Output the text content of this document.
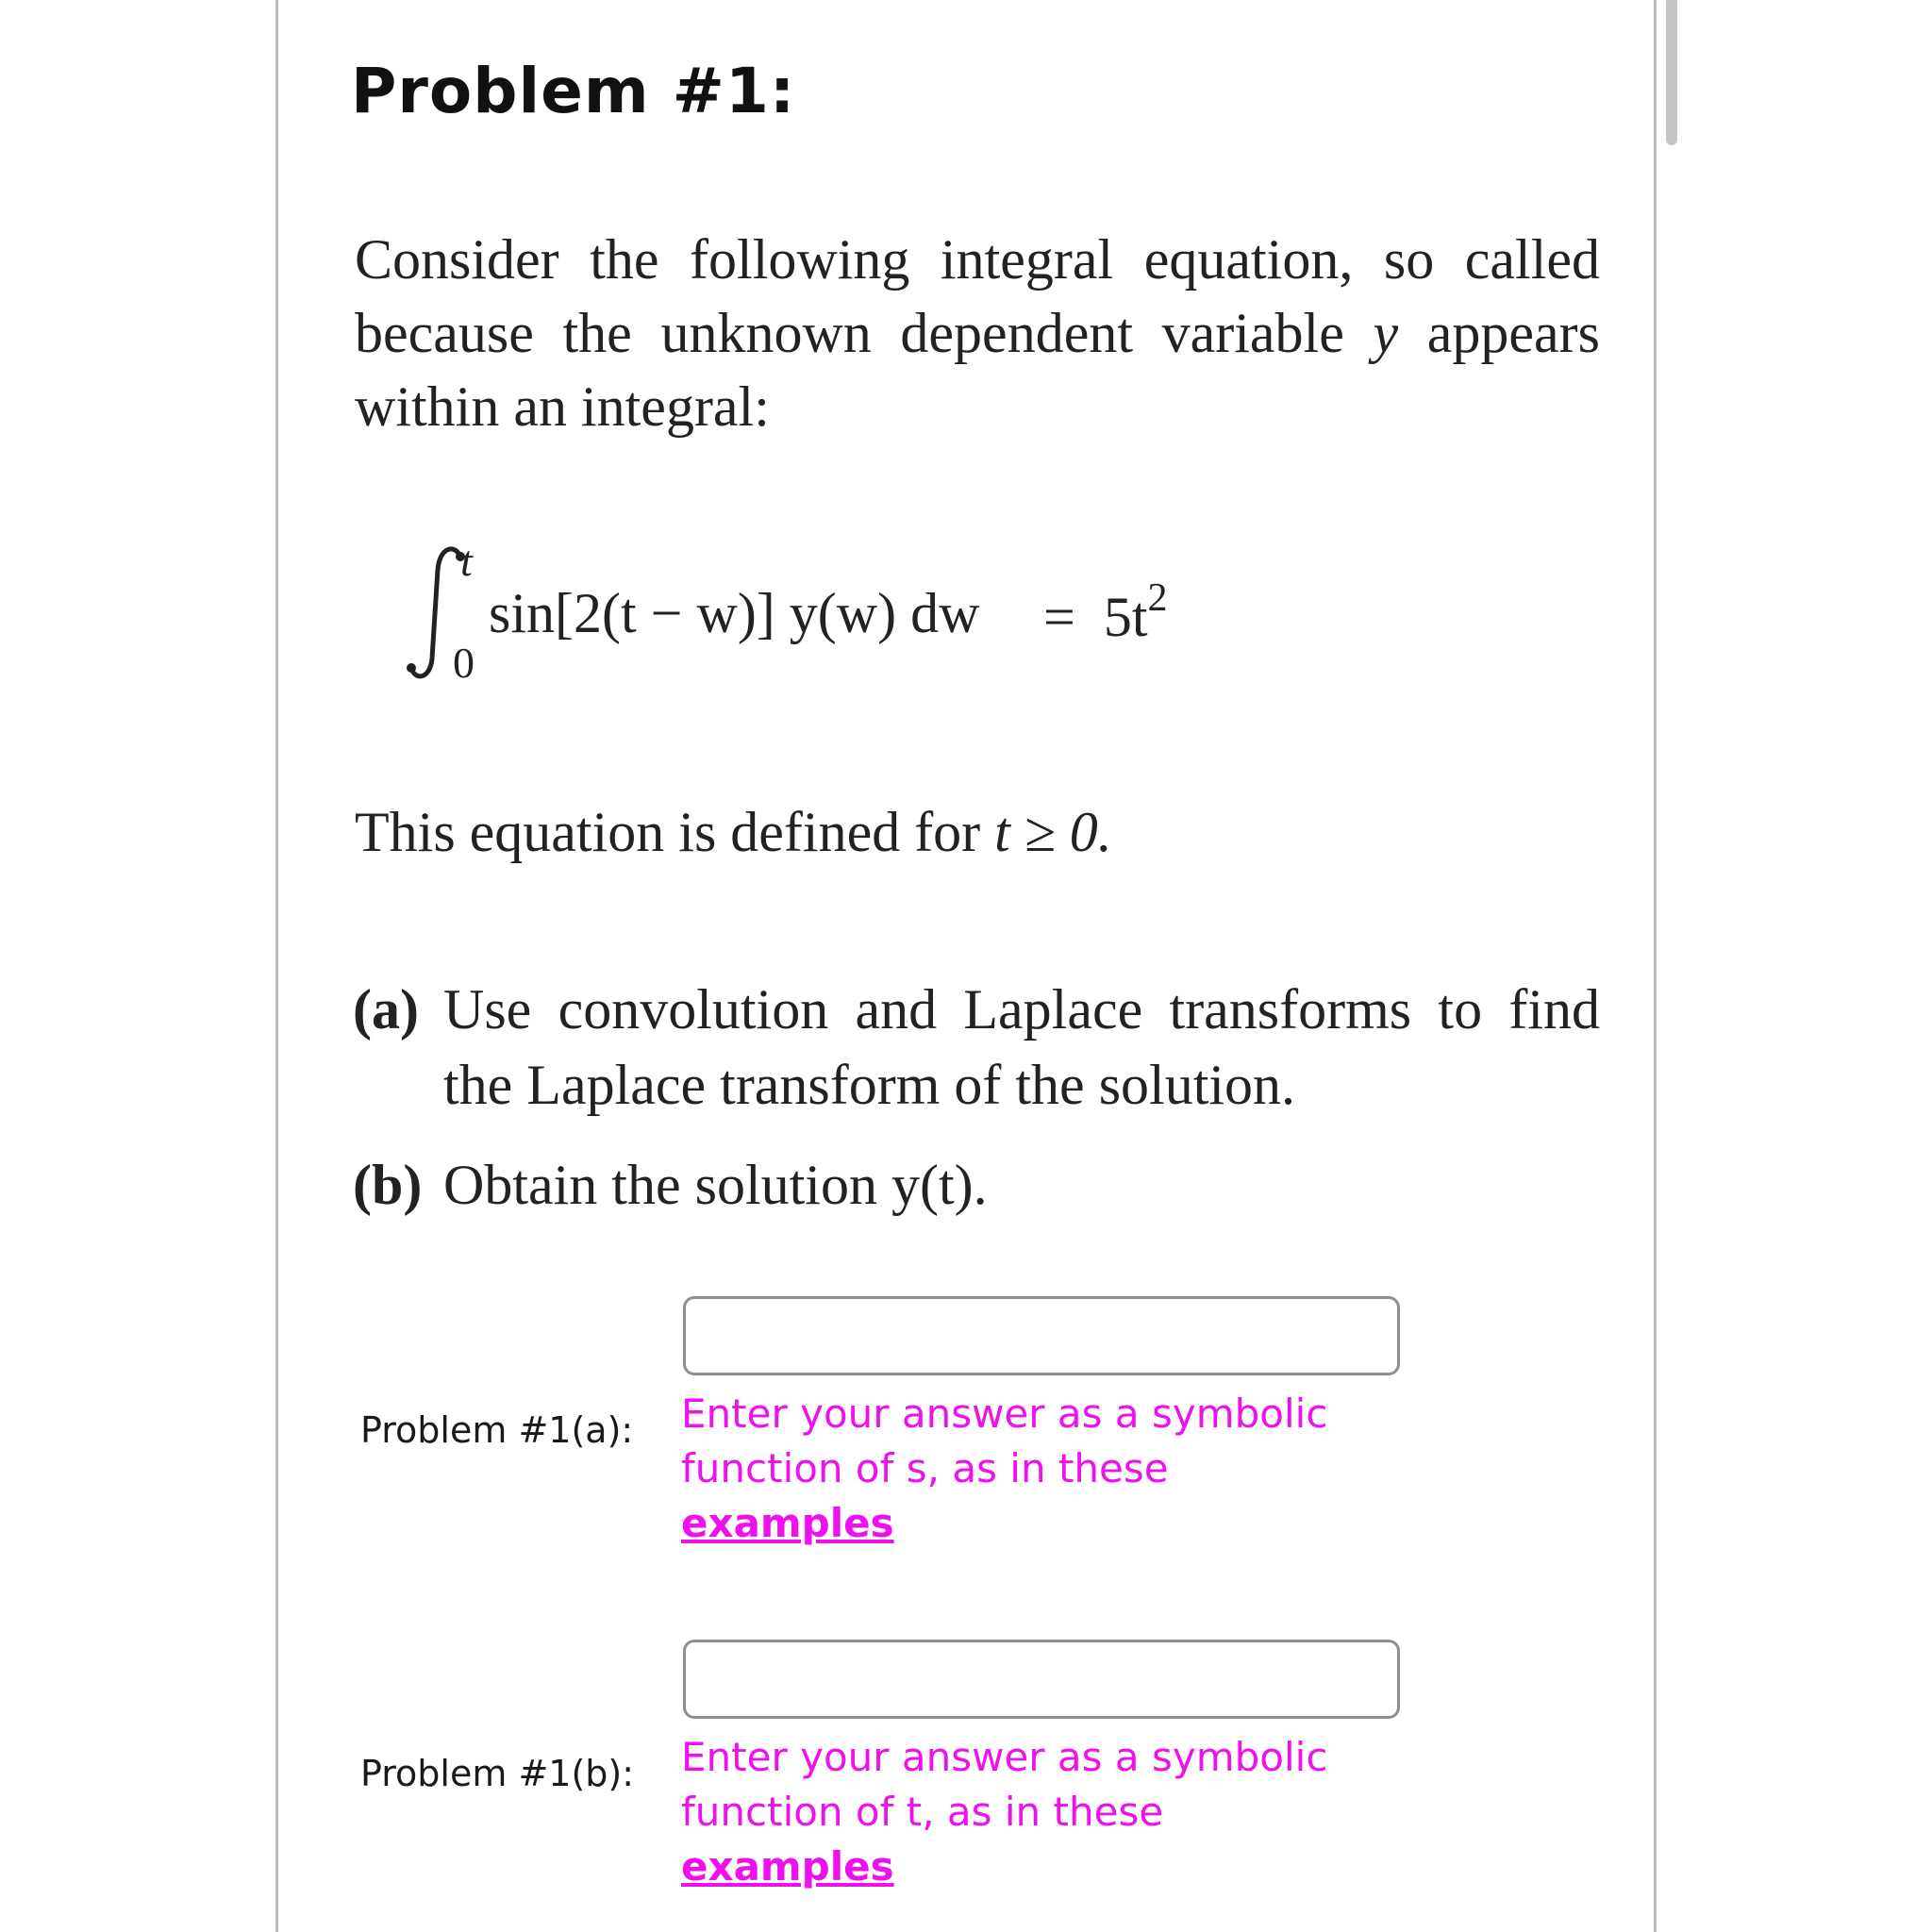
Problem #1:

Consider the following integral equation, so called because the unknown dependent variable y appears within an integral:

t
0
sin[2(t − w)] y(w) dw = $5t^2$

This equation is defined for t ≥ 0.

(a) Use convolution and Laplace transforms to find the Laplace transform of the solution.
(b) Obtain the solution y(t).

Problem #1(a): Enter your answer as a symbolic function of s, as in these
examples

Problem #1(b): Enter your answer as a symbolic function of t, as in these
examples
